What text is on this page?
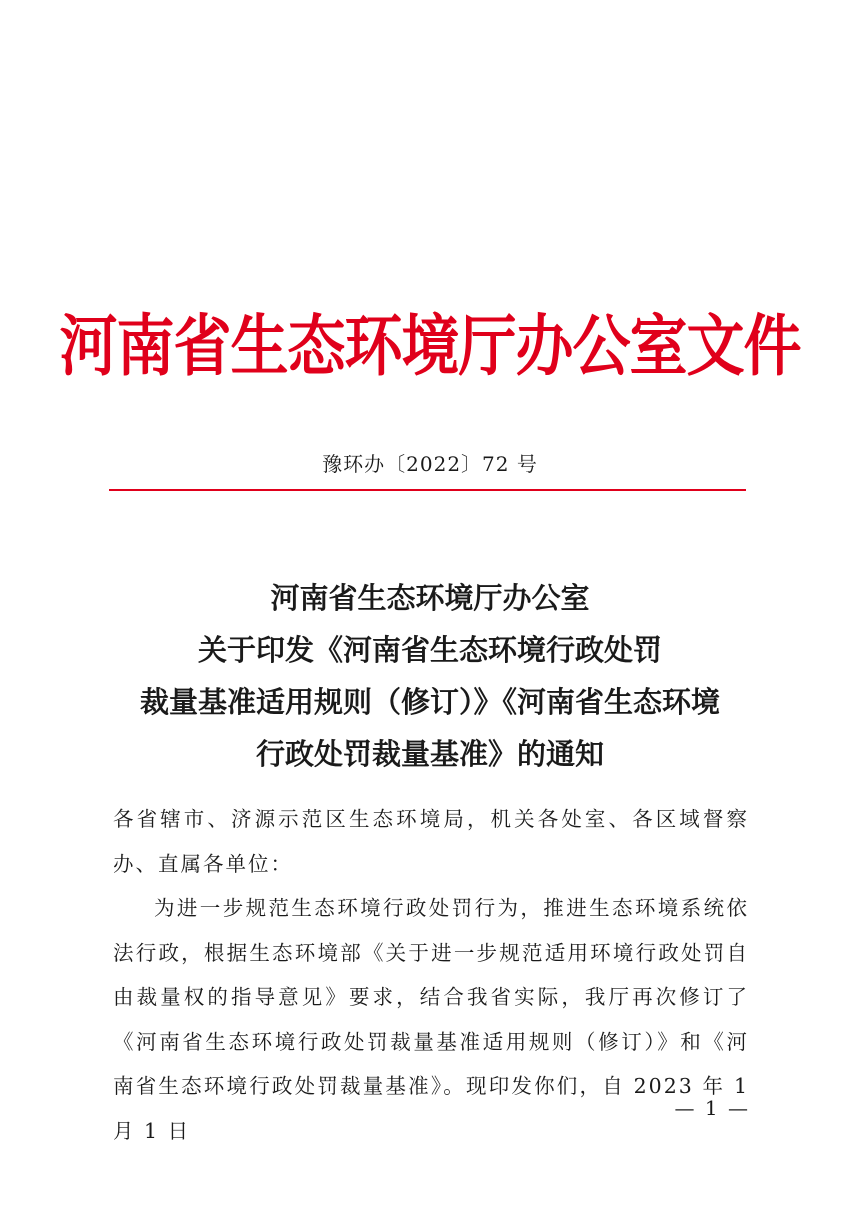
河南省生态环境厅办公室文件
豫环办〔2022〕72 号
河南省生态环境厅办公室
关于印发《河南省生态环境行政处罚
裁量基准适用规则（修订）》《河南省生态环境
行政处罚裁量基准》的通知

各省辖市、济源示范区生态环境局，机关各处室、各区域督察办、直属各单位：

为进一步规范生态环境行政处罚行为，推进生态环境系统依法行政，根据生态环境部《关于进一步规范适用环境行政处罚自由裁量权的指导意见》要求，结合我省实际，我厅再次修订了《河南省生态环境行政处罚裁量基准适用规则（修订）》和《河南省生态环境行政处罚裁量基准》。现印发你们，自 2023 年 1 月 1 日

— 1 —
